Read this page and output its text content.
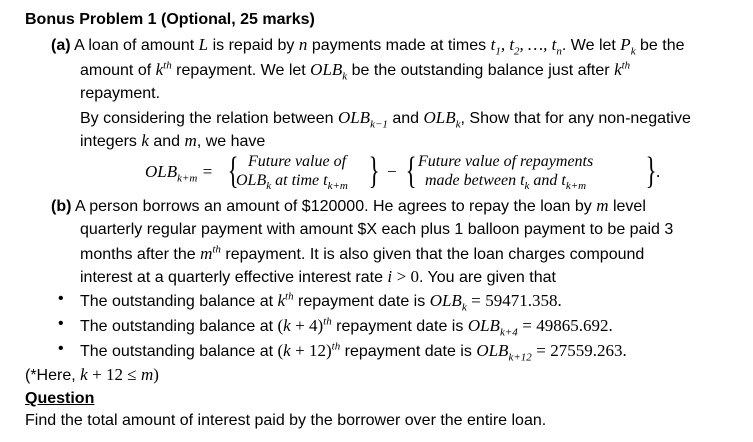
Bonus Problem 1 (Optional, 25 marks)
(a) A loan of amount L is repaid by n payments made at times $t_1$, $t_2$, …, $t_n$. We let $P_k$ be the
amount of $k^{th}$ repayment. We let $OLB_k$ be the outstanding balance just after $k^{th}$
repayment.
By considering the relation between $OLB_{k-1}$ and $OLB_k$, Show that for any non-negative
integers k and m, we have
$OLB_{k+m}$ = { Future value of
$OLB_k$ at time $t_{k+m}$ } − { Future value of repayments
made between $t_k$ and $t_{k+m}$ } .
(b) A person borrows an amount of $120000. He agrees to repay the loan by m level
quarterly regular payment with amount $X each plus 1 balloon payment to be paid 3
months after the $m^{th}$ repayment. It is also given that the loan charges compound
interest at a quarterly effective interest rate i > 0. You are given that
• The outstanding balance at $k^{th}$ repayment date is $OLB_k = 59471.358$.
• The outstanding balance at $(k + 4)^{th}$ repayment date is $OLB_{k+4} = 49865.692$.
• The outstanding balance at $(k + 12)^{th}$ repayment date is $OLB_{k+12} = 27559.263$.
(*Here, k + 12 ≤ m)
Question
Find the total amount of interest paid by the borrower over the entire loan.
